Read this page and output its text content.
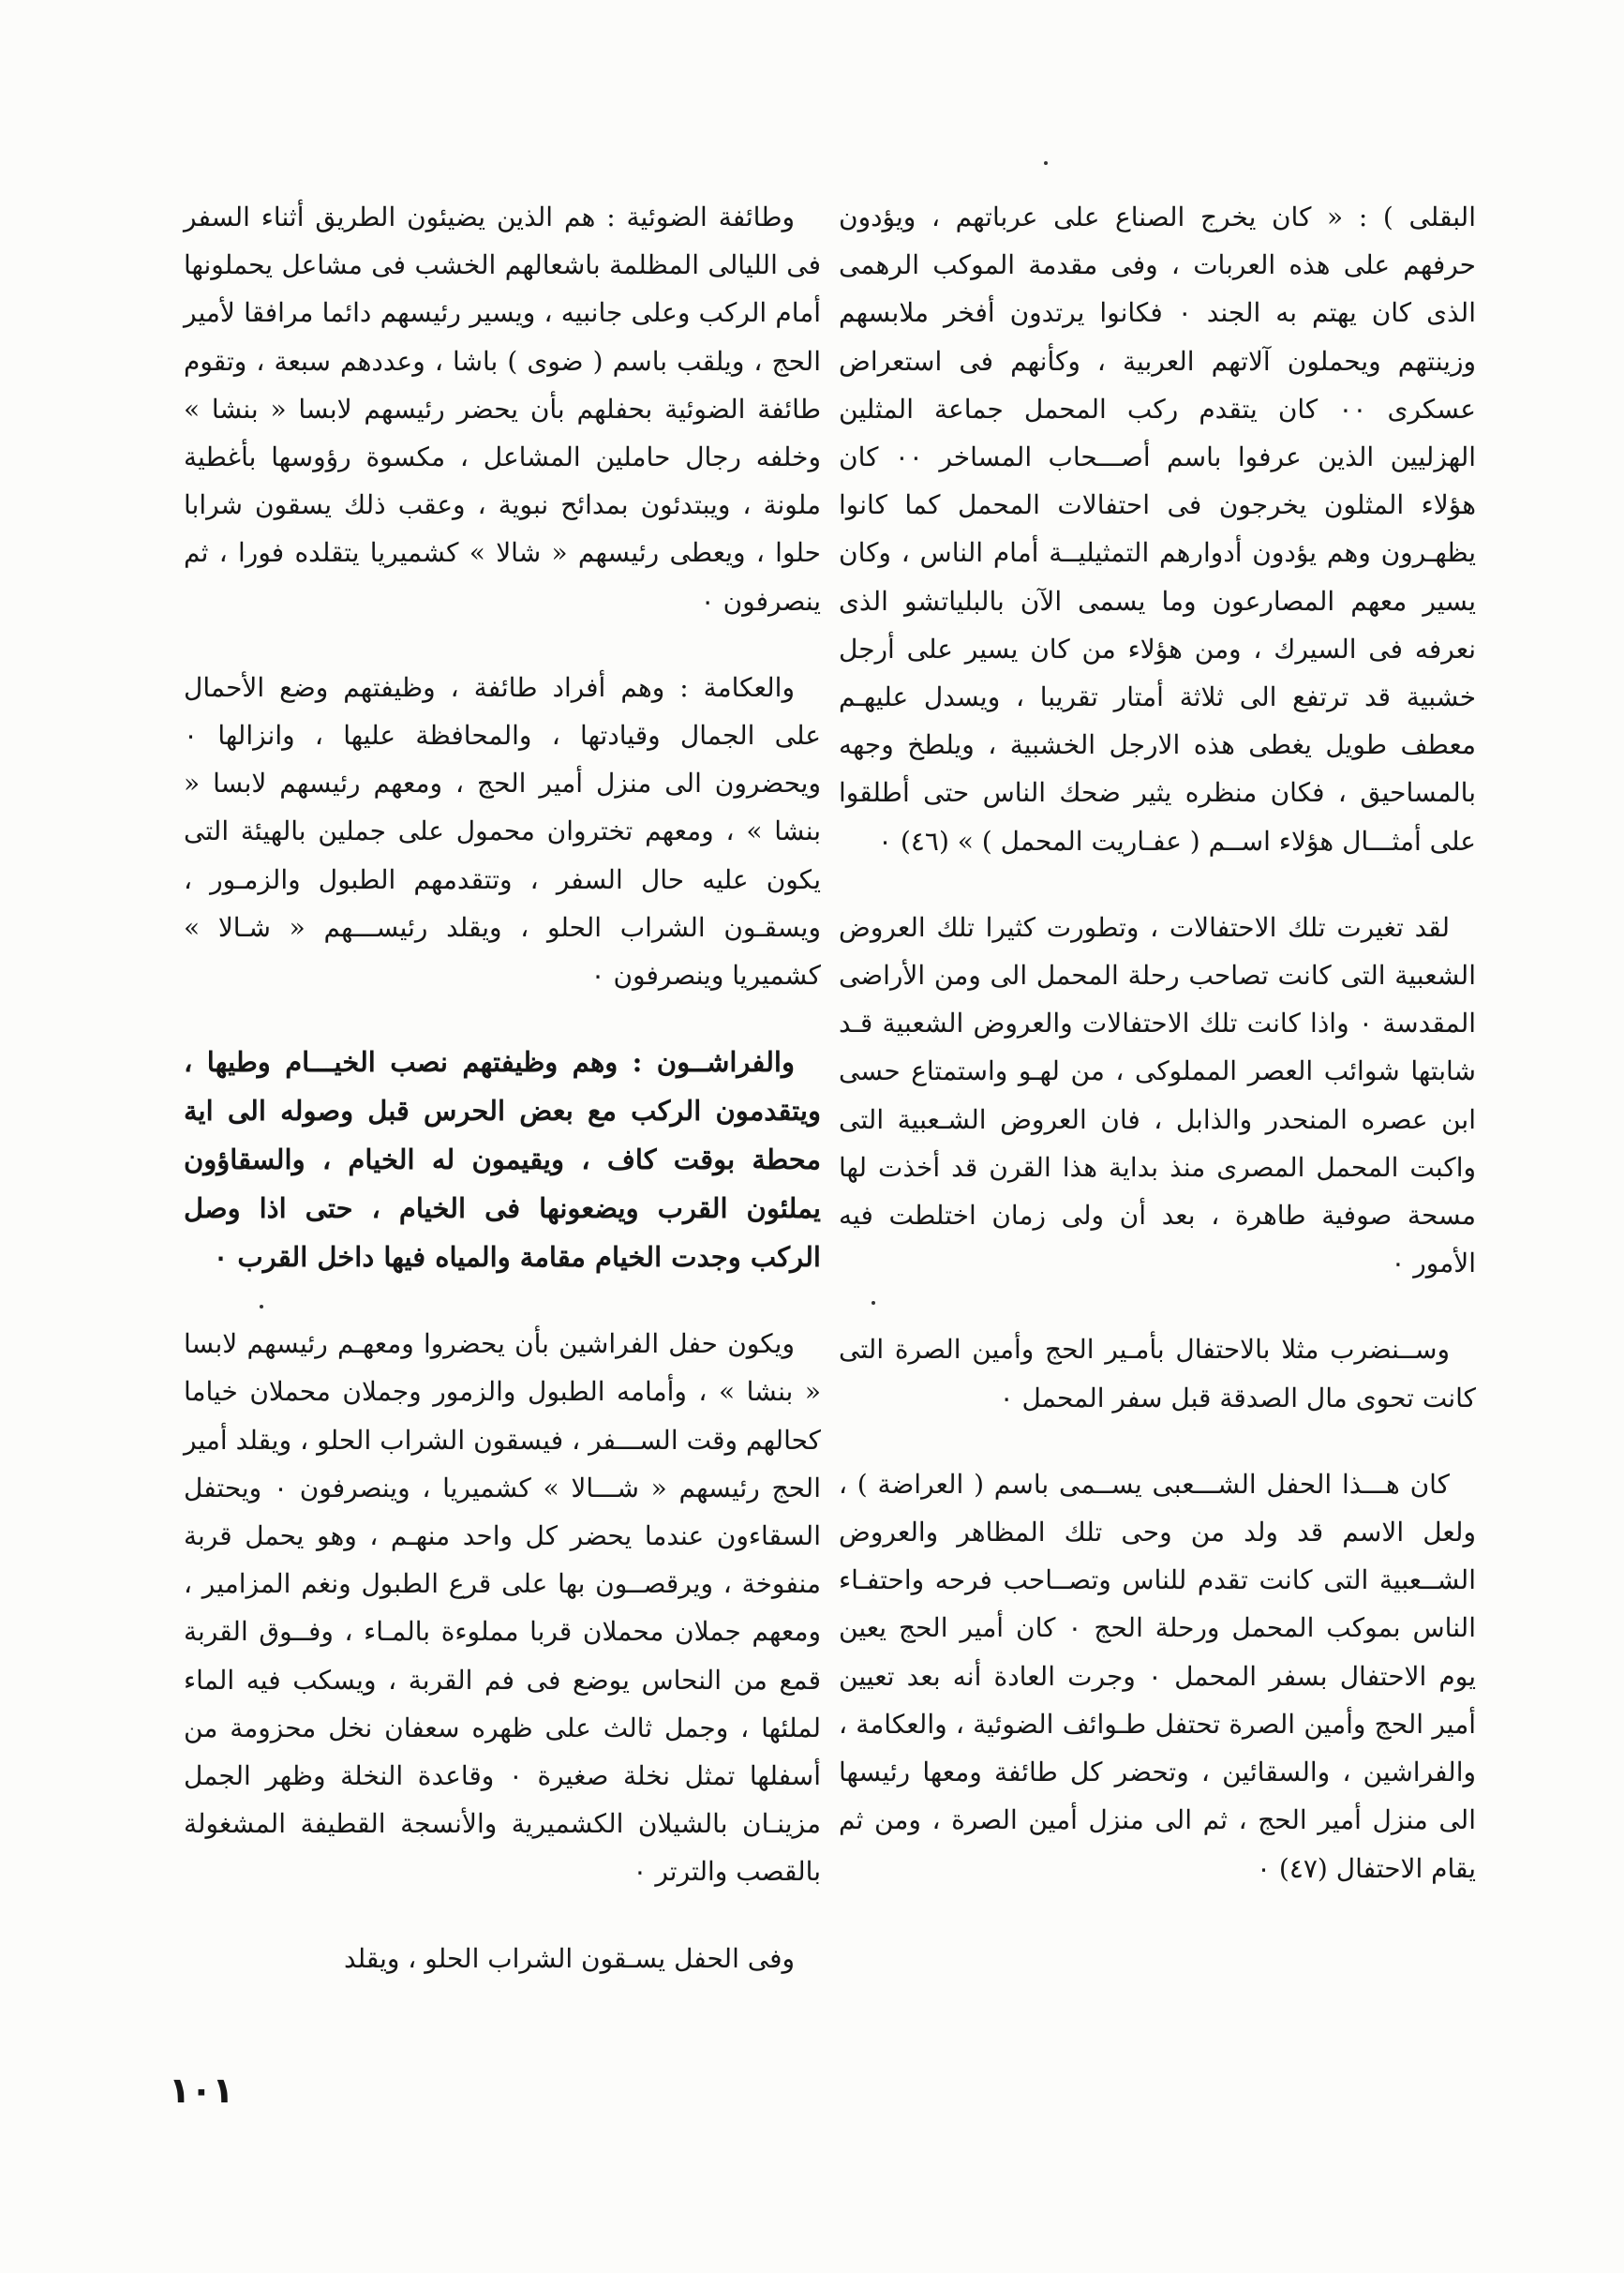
البقلى ) : « كان يخرج الصناع على عرباتهم ، ويؤدون حرفهم على هذه العربات ، وفى مقدمة الموكب الرهمى الذى كان يهتم به الجند ٠ فكانوا يرتدون أفخر ملابسهم وزينتهم ويحملون آلاتهم العربية ، وكأنهم فى استعراض عسكرى ٠٠ كان يتقدم ركب المحمل جماعة المثلين الهزليين الذين عرفوا باسم أصـــحاب المساخر ٠٠ كان هؤلاء المثلون يخرجون فى احتفالات المحمل كما كانوا يظهـرون وهم يؤدون أدوارهم التمثيليــة أمام الناس ، وكان يسير معهم المصارعون وما يسمى الآن بالبلياتشو الذى نعرفه فى السيرك ، ومن هؤلاء من كان يسير على أرجل خشبية قد ترتفع الى ثلاثة أمتار تقريبا ، ويسدل عليهـم معطف طويل يغطى هذه الارجل الخشبية ، ويلطخ وجهه بالمساحيق ، فكان منظره يثير ضحك الناس حتى أطلقوا على أمثـــال هؤلاء اســم ( عفـاريت المحمل ) » (٤٦) ٠

لقد تغيرت تلك الاحتفالات ، وتطورت كثيرا تلك العروض الشعبية التى كانت تصاحب رحلة المحمل الى ومن الأراضى المقدسة ٠ واذا كانت تلك الاحتفالات والعروض الشعبية قـد شابتها شوائب العصر المملوكى ، من لهـو واستمتاع حسى ابن عصره المنحدر والذابل ، فان العروض الشـعبية التى واكبت المحمل المصرى منذ بداية هذا القرن قد أخذت لها مسحة صوفية طاهرة ، بعد أن ولى زمان اختلطت فيه الأمور ٠

وســنضرب مثلا بالاحتفال بأمـير الحج وأمين الصرة التى كانت تحوى مال الصدقة قبل سفر المحمل ٠

كان هـــذا الحفل الشـــعبى يســمى باسم ( العراضة ) ، ولعل الاسم قد ولد من وحى تلك المظاهر والعروض الشــعبية التى كانت تقدم للناس وتصــاحب فرحه واحتفـاء الناس بموكب المحمل ورحلة الحج ٠ كان أمير الحج يعين يوم الاحتفال بسفر المحمل ٠ وجرت العادة أنه بعد تعيين أمير الحج وأمين الصرة تحتفل طـوائف الضوئية ، والعكامة ، والفراشين ، والسقائين ، وتحضر كل طائفة ومعها رئيسها الى منزل أمير الحج ، ثم الى منزل أمين الصرة ، ومن ثم يقام الاحتفال (٤٧) ٠

وطائفة الضوئية : هم الذين يضيئون الطريق أثناء السفر فى الليالى المظلمة باشعالهم الخشب فى مشاعل يحملونها أمام الركب وعلى جانبيه ، ويسير رئيسهم دائما مرافقا لأمير الحج ، ويلقب باسم ( ضوى ) باشا ، وعددهم سبعة ، وتقوم طائفة الضوئية بحفلهم بأن يحضر رئيسهم لابسا « بنشا » وخلفه رجال حاملين المشاعل ، مكسوة رؤوسها بأغطية ملونة ، ويبتدئون بمدائح نبوية ، وعقب ذلك يسقون شرابا حلوا ، ويعطى رئيسهم « شالا » كشميريا يتقلده فورا ، ثم ينصرفون ٠

والعكامة : وهم أفراد طائفة ، وظيفتهم وضع الأحمال على الجمال وقيادتها ، والمحافظة عليها ، وانزالها ٠ ويحضرون الى منزل أمير الحج ، ومعهم رئيسهم لابسا « بنشا » ، ومعهم تختروان محمول على جملين بالهيئة التى يكون عليه حال السفر ، وتتقدمهم الطبول والزمـور ، ويسقـون الشراب الحلو ، ويقلد رئيســـهم « شـالا » كشميريا وينصرفون ٠

والفراشــون : وهم وظيفتهم نصب الخيـــام وطيها ، ويتقدمون الركب مع بعض الحرس قبل وصوله الى اية محطة بوقت كاف ، ويقيمون له الخيام ، والسقاؤون يملئون القرب ويضعونها فى الخيام ، حتى اذا وصل الركب وجدت الخيام مقامة والمياه فيها داخل القرب ٠

ويكون حفل الفراشين بأن يحضروا ومعهـم رئيسهم لابسا « بنشا » ، وأمامه الطبول والزمور وجملان محملان خياما كحالهم وقت الســـفر ، فيسقون الشراب الحلو ، ويقلد أمير الحج رئيسهم « شـــالا » كشميريا ، وينصرفون ٠ ويحتفل السقاءون عندما يحضر كل واحد منهـم ، وهو يحمل قربة منفوخة ، ويرقصــون بها على قرع الطبول ونغم المزامير ، ومعهم جملان محملان قربا مملوءة بالمـاء ، وفــوق القربة قمع من النحاس يوضع فى فم القربة ، ويسكب فيه الماء لملئها ، وجمل ثالث على ظهره سعفان نخل محزومة من أسفلها تمثل نخلة صغيرة ٠ وقاعدة النخلة وظهر الجمل مزينـان بالشيلان الكشميرية والأنسجة القطيفة المشغولة بالقصب والترتر ٠

وفى الحفل يسـقون الشراب الحلو ، ويقلد

١٠١
